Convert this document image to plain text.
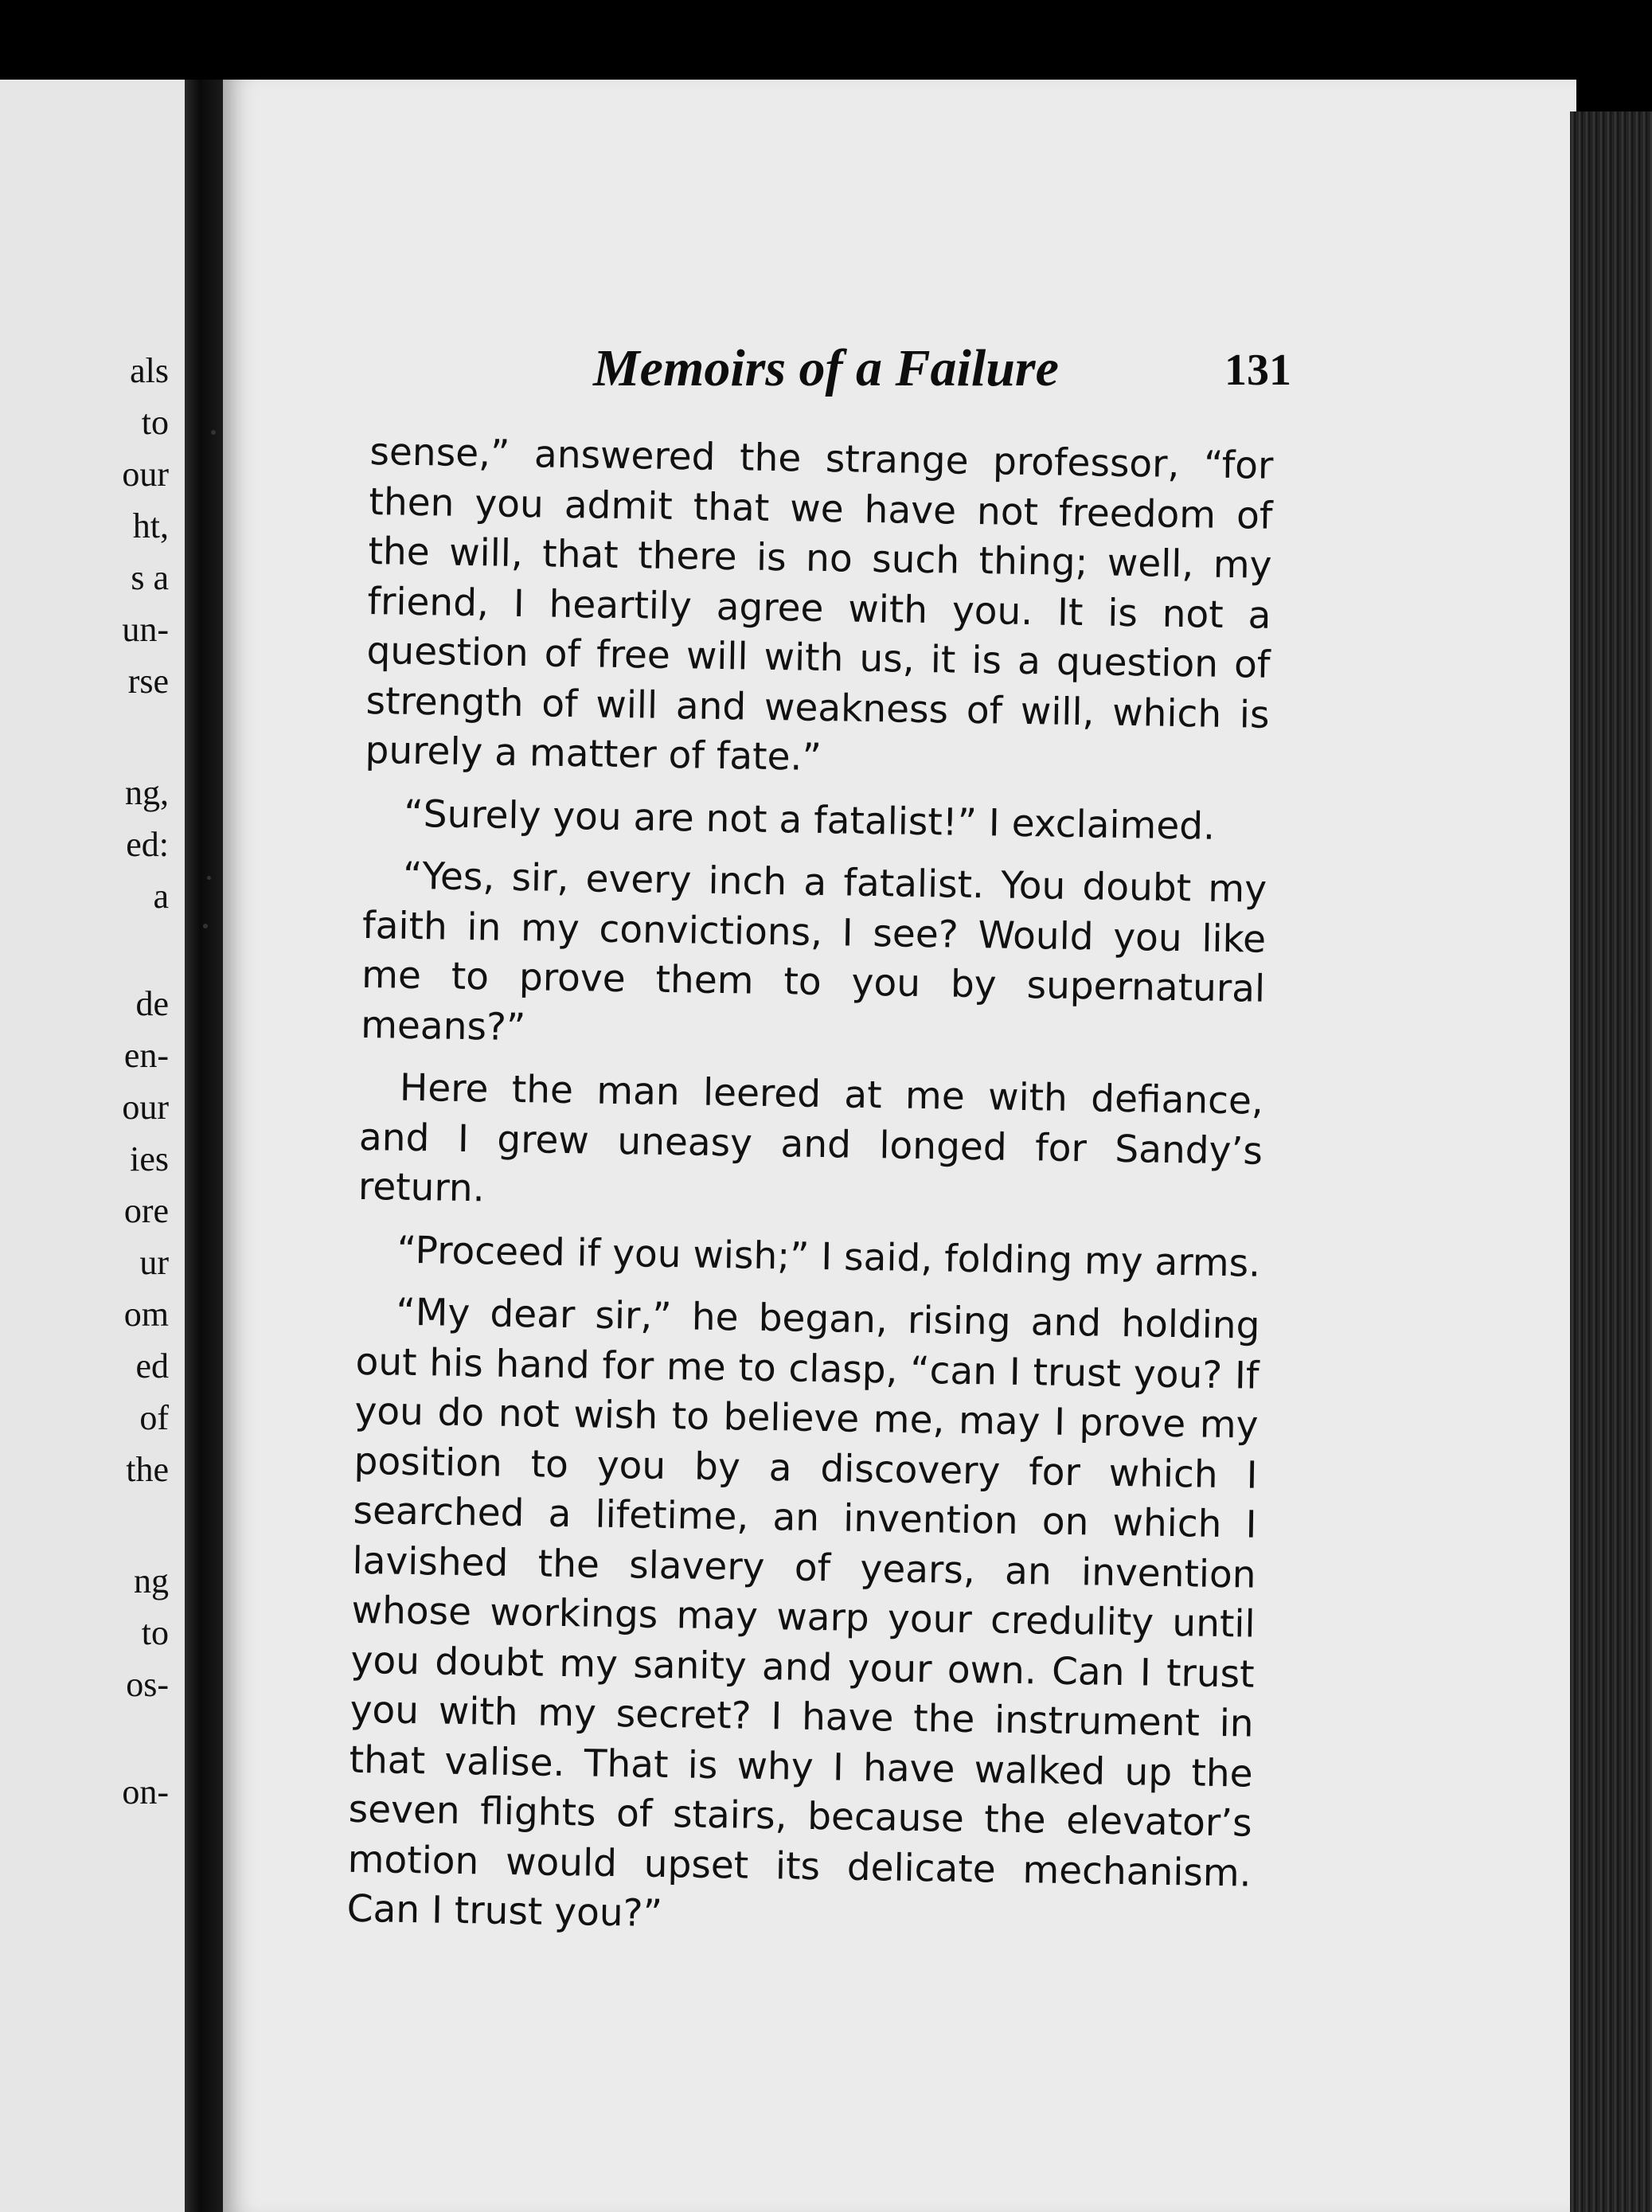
als
to
our
ht,
s a
un-
rse
ng,
ed:
a
de
en-
our
ies
ore
ur
om
ed
of
the
ng
to
os-
on-
Memoirs of a Failure	131

sense,” answered the strange professor, “for then you admit that we have not freedom of the will, that there is no such thing; well, my friend, I heartily agree with you. It is not a question of free will with us, it is a question of strength of will and weakness of will, which is purely a matter of fate.”

“Surely you are not a fatalist!” I exclaimed.

“Yes, sir, every inch a fatalist. You doubt my faith in my convictions, I see? Would you like me to prove them to you by supernatural means?”

Here the man leered at me with defiance, and I grew uneasy and longed for Sandy’s return.

“Proceed if you wish;” I said, folding my arms.

“My dear sir,” he began, rising and holding out his hand for me to clasp, “can I trust you? If you do not wish to believe me, may I prove my position to you by a discovery for which I searched a lifetime, an invention on which I lavished the slavery of years, an invention whose workings may warp your credulity until you doubt my sanity and your own. Can I trust you with my secret? I have the instrument in that valise. That is why I have walked up the seven flights of stairs, because the elevator’s motion would upset its delicate mechanism. Can I trust you?”
